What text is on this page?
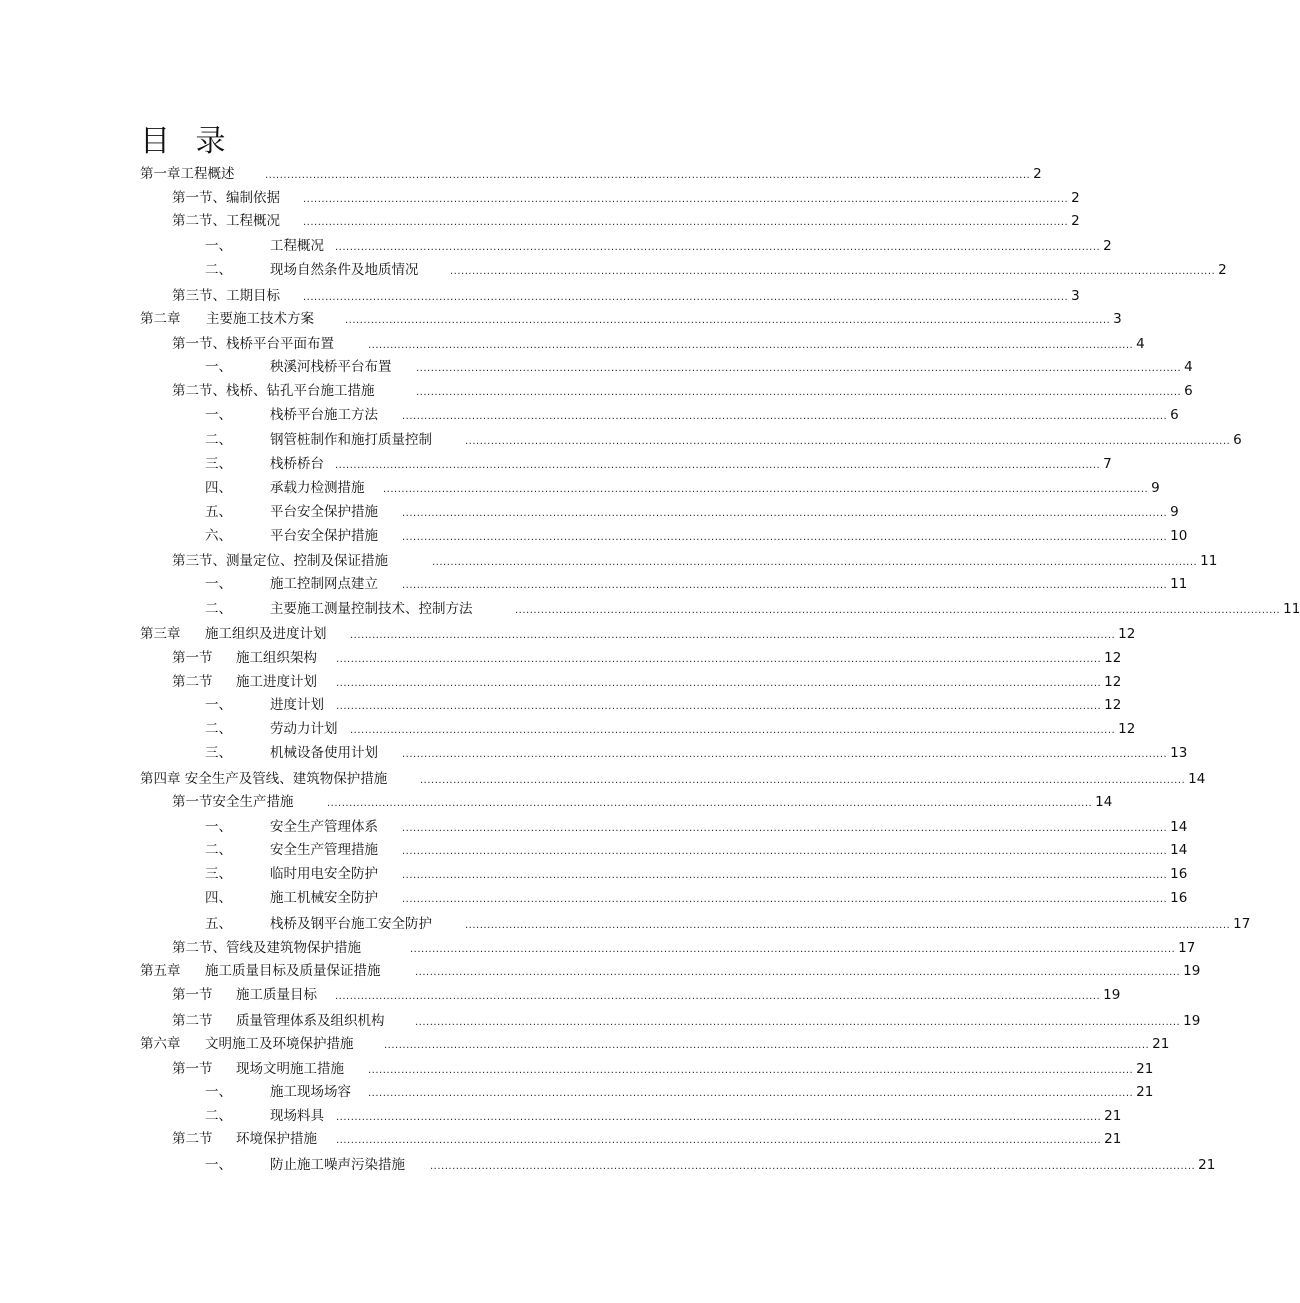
目 录
第一章工程概述	................................................................................................................................................................................................................ 2
第一节、编制依据	................................................................................................................................................................................................................ 2
第二节、工程概况	................................................................................................................................................................................................................ 2
一、	工程概况	................................................................................................................................................................................................................ 2
二、	现场自然条件及地质情况	................................................................................................................................................................................................................ 2
第三节、工期目标	................................................................................................................................................................................................................ 3
第二章	主要施工技术方案	................................................................................................................................................................................................................ 3
第一节、栈桥平台平面布置	................................................................................................................................................................................................................ 4
一、	秧溪河栈桥平台布置	................................................................................................................................................................................................................ 4
第二节、栈桥、钻孔平台施工措施	................................................................................................................................................................................................................ 6
一、	栈桥平台施工方法	................................................................................................................................................................................................................ 6
二、	钢管桩制作和施打质量控制	................................................................................................................................................................................................................ 6
三、	栈桥桥台	................................................................................................................................................................................................................ 7
四、	承载力检测措施	................................................................................................................................................................................................................ 9
五、	平台安全保护措施	................................................................................................................................................................................................................ 9
六、	平台安全保护措施	................................................................................................................................................................................................................ 10
第三节、测量定位、控制及保证措施	................................................................................................................................................................................................................ 11
一、	施工控制网点建立	................................................................................................................................................................................................................ 11
二、	主要施工测量控制技术、控制方法	................................................................................................................................................................................................................ 11
第三章	施工组织及进度计划	................................................................................................................................................................................................................ 12
第一节	施工组织架构	................................................................................................................................................................................................................ 12
第二节	施工进度计划	................................................................................................................................................................................................................ 12
一、	进度计划	................................................................................................................................................................................................................ 12
二、	劳动力计划	................................................................................................................................................................................................................ 12
三、	机械设备使用计划	................................................................................................................................................................................................................ 13
第四章 安全生产及管线、建筑物保护措施	................................................................................................................................................................................................................ 14
第一节安全生产措施	................................................................................................................................................................................................................ 14
一、	安全生产管理体系	................................................................................................................................................................................................................ 14
二、	安全生产管理措施	................................................................................................................................................................................................................ 14
三、	临时用电安全防护	................................................................................................................................................................................................................ 16
四、	施工机械安全防护	................................................................................................................................................................................................................ 16
五、	栈桥及钢平台施工安全防护	................................................................................................................................................................................................................ 17
第二节、管线及建筑物保护措施	................................................................................................................................................................................................................ 17
第五章	施工质量目标及质量保证措施	................................................................................................................................................................................................................ 19
第一节	施工质量目标	................................................................................................................................................................................................................ 19
第二节	质量管理体系及组织机构	................................................................................................................................................................................................................ 19
第六章	文明施工及环境保护措施	................................................................................................................................................................................................................ 21
第一节	现场文明施工措施	................................................................................................................................................................................................................ 21
一、	施工现场场容	................................................................................................................................................................................................................ 21
二、	现场料具	................................................................................................................................................................................................................ 21
第二节	环境保护措施	................................................................................................................................................................................................................ 21
一、	防止施工噪声污染措施	................................................................................................................................................................................................................ 21
